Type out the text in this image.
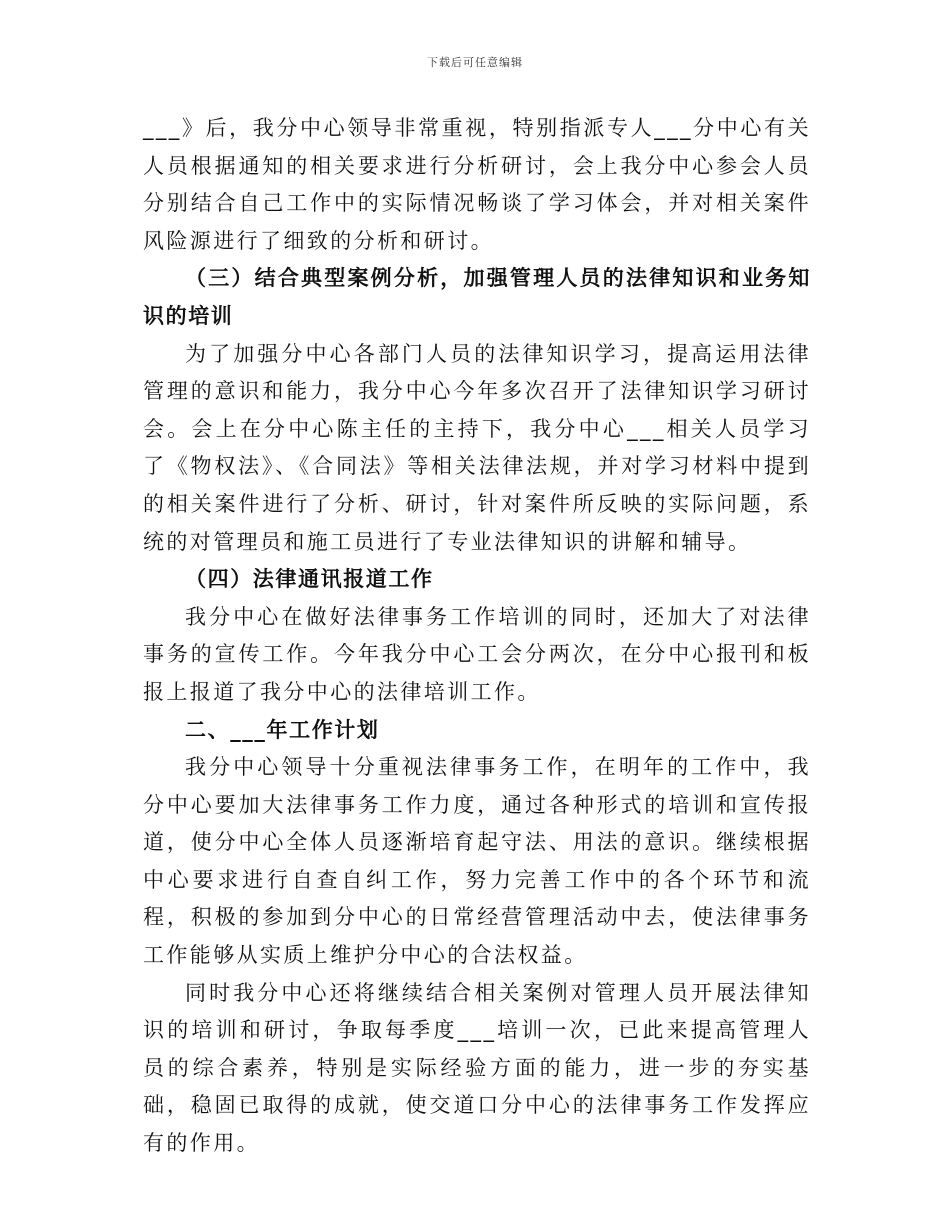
下载后可任意编辑

___》后，我分中心领导非常重视，特别指派专人___分中心有关人员根据通知的相关要求进行分析研讨，会上我分中心参会人员分别结合自己工作中的实际情况畅谈了学习体会，并对相关案件风险源进行了细致的分析和研讨。

（三）结合典型案例分析，加强管理人员的法律知识和业务知识的培训

为了加强分中心各部门人员的法律知识学习，提高运用法律管理的意识和能力，我分中心今年多次召开了法律知识学习研讨会。会上在分中心陈主任的主持下，我分中心___相关人员学习了《物权法》、《合同法》等相关法律法规，并对学习材料中提到的相关案件进行了分析、研讨，针对案件所反映的实际问题，系统的对管理员和施工员进行了专业法律知识的讲解和辅导。

（四）法律通讯报道工作

我分中心在做好法律事务工作培训的同时，还加大了对法律事务的宣传工作。今年我分中心工会分两次，在分中心报刊和板报上报道了我分中心的法律培训工作。

二、___年工作计划

我分中心领导十分重视法律事务工作，在明年的工作中，我分中心要加大法律事务工作力度，通过各种形式的培训和宣传报道，使分中心全体人员逐渐培育起守法、用法的意识。继续根据中心要求进行自查自纠工作，努力完善工作中的各个环节和流程，积极的参加到分中心的日常经营管理活动中去，使法律事务工作能够从实质上维护分中心的合法权益。

同时我分中心还将继续结合相关案例对管理人员开展法律知识的培训和研讨，争取每季度___培训一次，已此来提高管理人员的综合素养，特别是实际经验方面的能力，进一步的夯实基础，稳固已取得的成就，使交道口分中心的法律事务工作发挥应有的作用。
